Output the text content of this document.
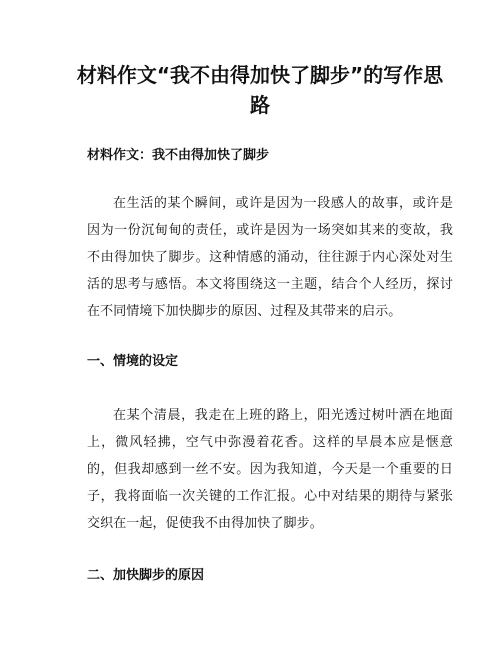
材料作文“我不由得加快了脚步”的写作思路

材料作文：我不由得加快了脚步

在生活的某个瞬间，或许是因为一段感人的故事，或许是因为一份沉甸甸的责任，或许是因为一场突如其来的变故，我不由得加快了脚步。这种情感的涌动，往往源于内心深处对生活的思考与感悟。本文将围绕这一主题，结合个人经历，探讨在不同情境下加快脚步的原因、过程及其带来的启示。

一、情境的设定

在某个清晨，我走在上班的路上，阳光透过树叶洒在地面上，微风轻拂，空气中弥漫着花香。这样的早晨本应是惬意的，但我却感到一丝不安。因为我知道，今天是一个重要的日子，我将面临一次关键的工作汇报。心中对结果的期待与紧张交织在一起，促使我不由得加快了脚步。

二、加快脚步的原因
